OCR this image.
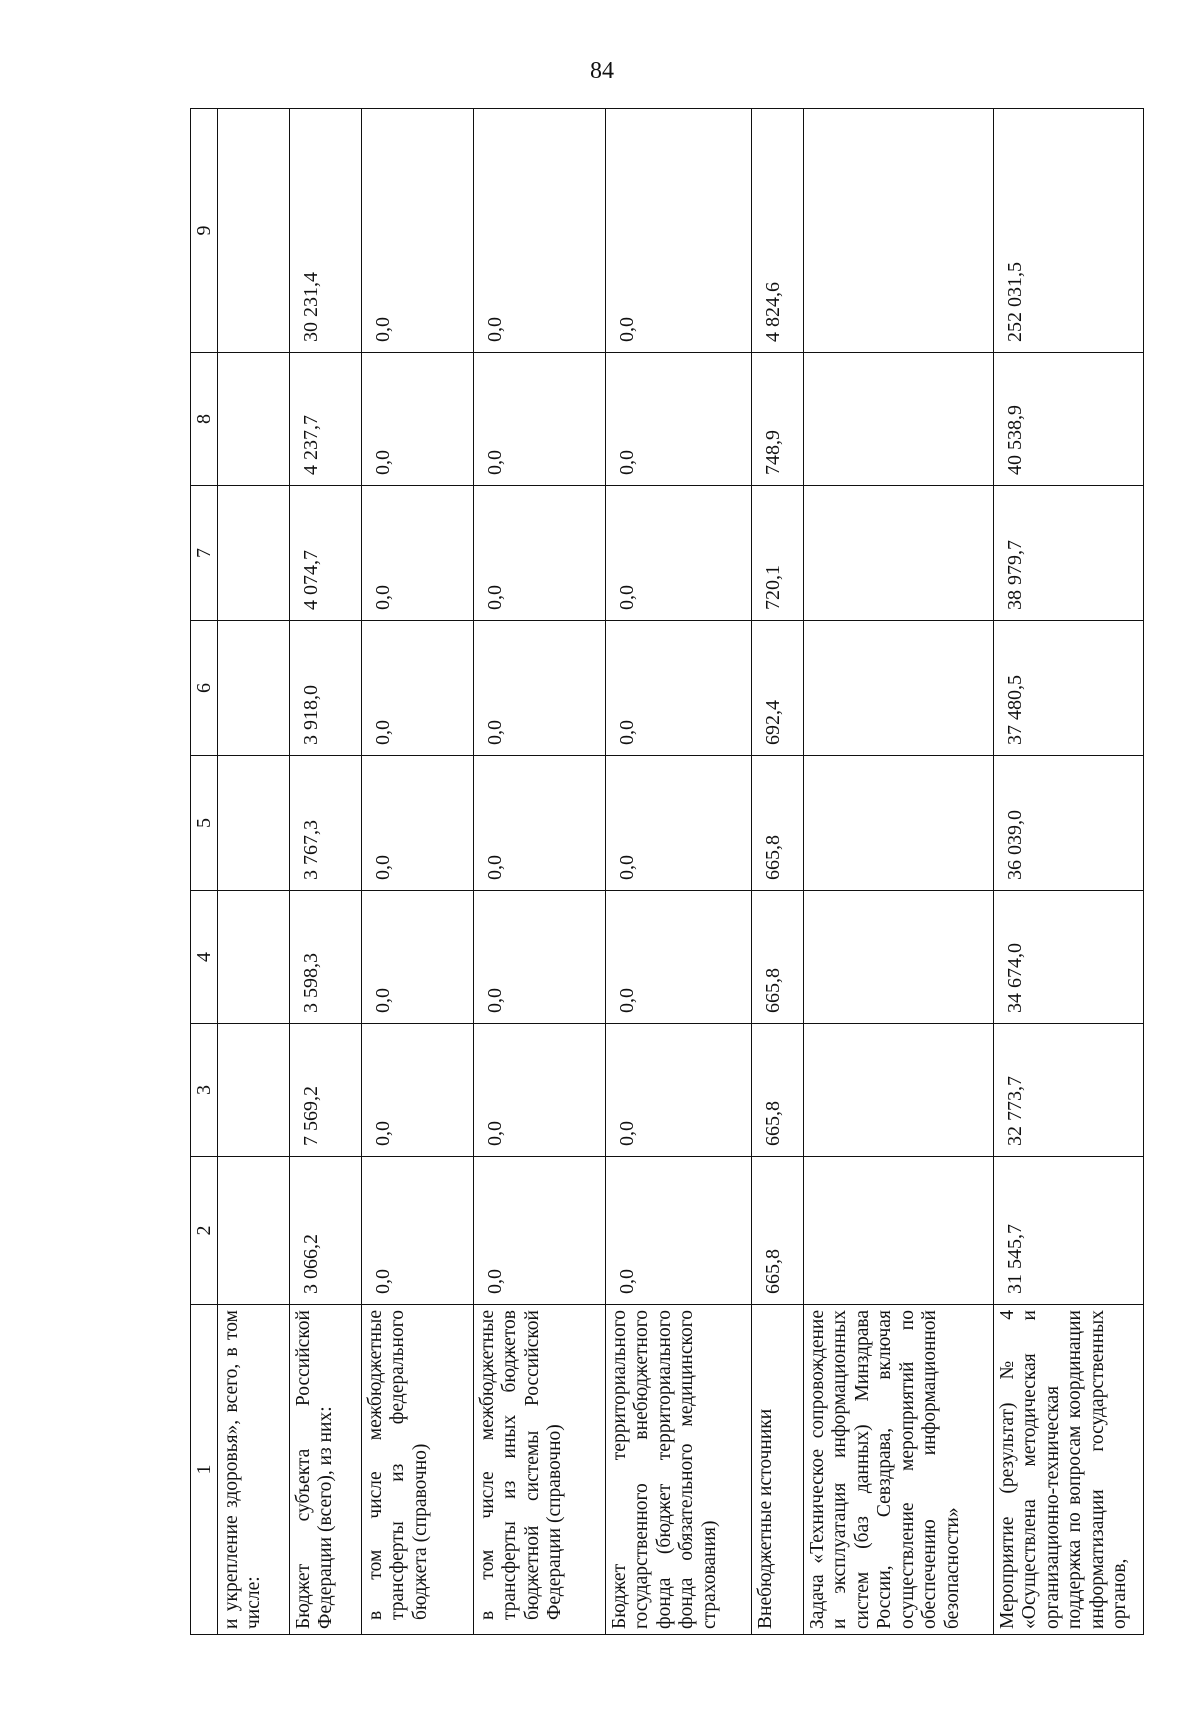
84
1	2	3	4	5	6	7	8	9
и укрепление здоровья», всего, в том числе:								
Бюджет субъекта Российской Федерации (всего), из них:	3 066,2	7 569,2	3 598,3	3 767,3	3 918,0	4 074,7	4 237,7	30 231,4
в том числе межбюджетные трансферты из федерального бюджета (справочно)	0,0	0,0	0,0	0,0	0,0	0,0	0,0	0,0
в том числе межбюджетные трансферты из иных бюджетов бюджетной системы Российской Федерации (справочно)	0,0	0,0	0,0	0,0	0,0	0,0	0,0	0,0
Бюджет территориального государственного внебюджетного фонда (бюджет территориального фонда обязательного медицинского страхования)	0,0	0,0	0,0	0,0	0,0	0,0	0,0	0,0
Внебюджетные источники	665,8	665,8	665,8	665,8	692,4	720,1	748,9	4 824,6
Задача «Техническое сопровождение и эксплуатация информационных систем (баз данных) Минздрава России, Севздрава, включая осуществление мероприятий по обеспечению информационной безопасности»								
Мероприятие (результат) № 4 «Осуществлена методическая и организационно-техническая поддержка по вопросам координации информатизации государственных органов,	31 545,7	32 773,7	34 674,0	36 039,0	37 480,5	38 979,7	40 538,9	252 031,5
